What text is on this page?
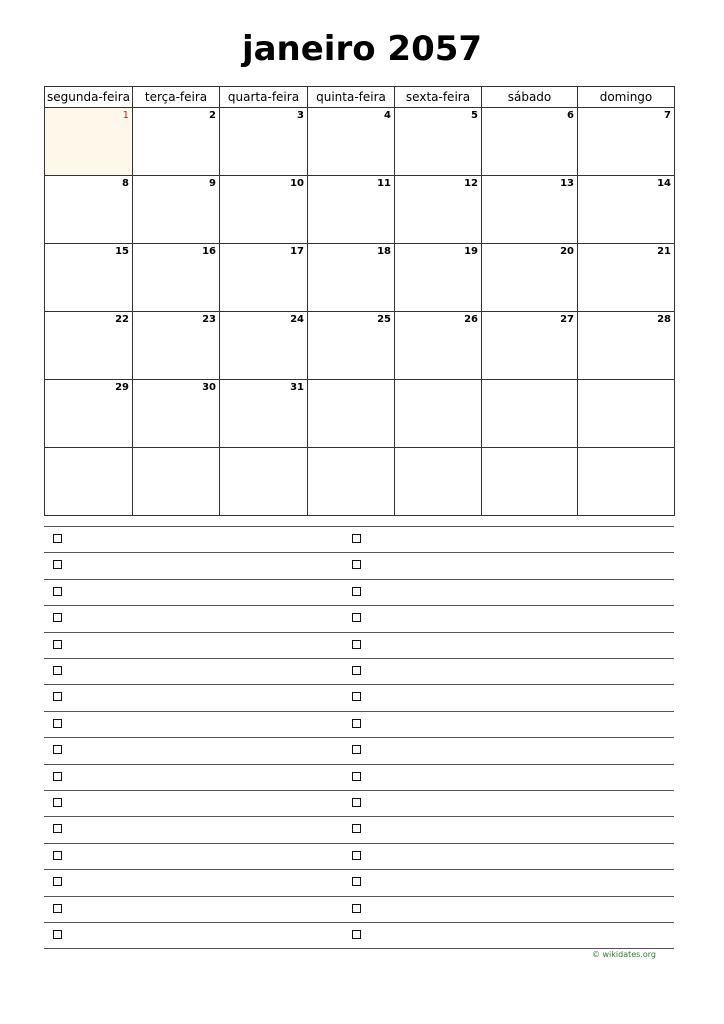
janeiro 2057
segunda-feira	terça-feira	quarta-feira	quinta-feira	sexta-feira	sábado	domingo

1	2	3	4	5	6	7

8	9	10	11	12	13	14

15	16	17	18	19	20	21

22	23	24	25	26	27	28

29	30	31				

© wikidates.org
